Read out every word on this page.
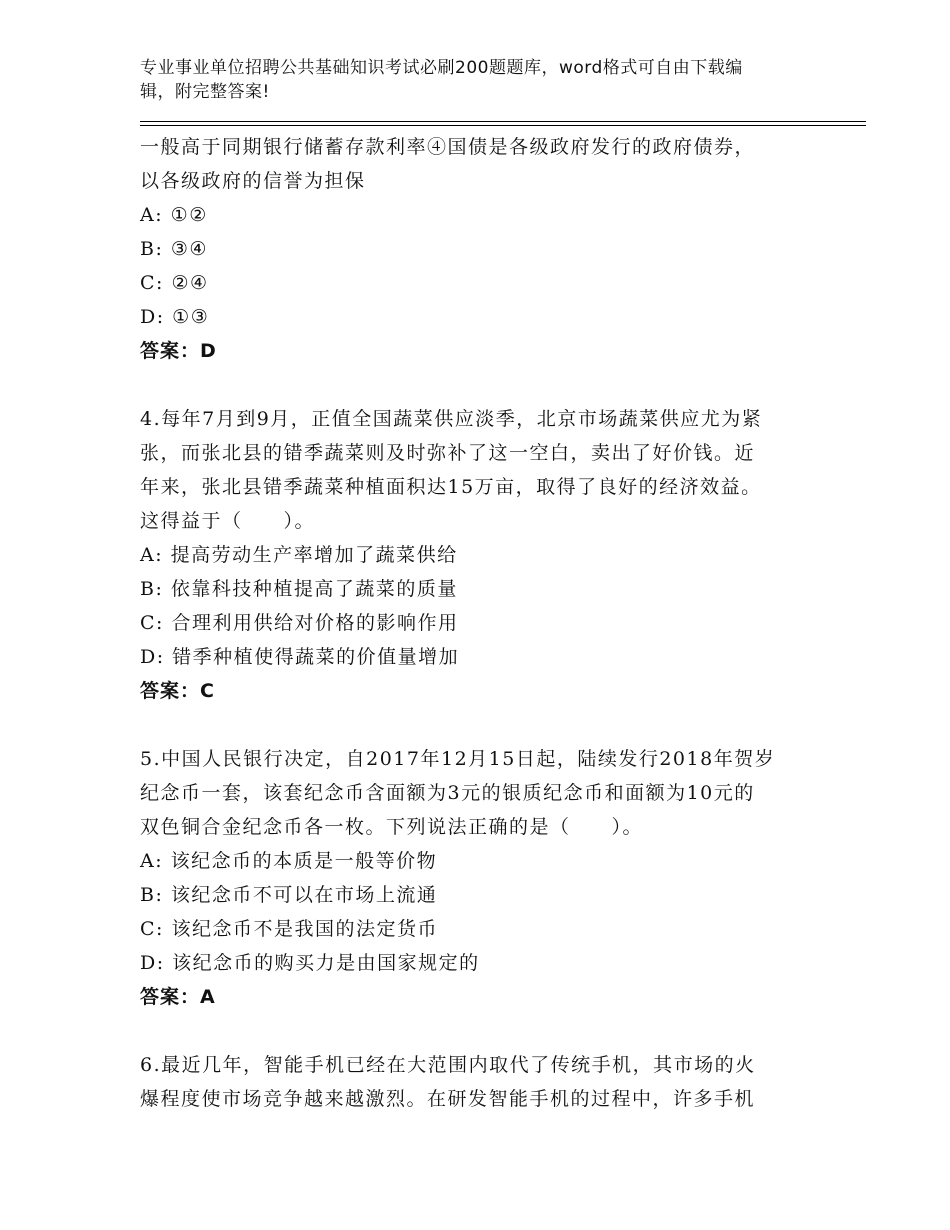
专业事业单位招聘公共基础知识考试必刷200题题库，word格式可自由下载编
辑，附完整答案!
一般高于同期银行储蓄存款利率④国债是各级政府发行的政府债券，
以各级政府的信誉为担保
A: ①②
B: ③④
C: ②④
D: ①③
答案：D
4.每年7月到9月，正值全国蔬菜供应淡季，北京市场蔬菜供应尤为紧
张，而张北县的错季蔬菜则及时弥补了这一空白，卖出了好价钱。近
年来，张北县错季蔬菜种植面积达15万亩，取得了良好的经济效益。
这得益于（　　）。
A: 提高劳动生产率增加了蔬菜供给
B: 依靠科技种植提高了蔬菜的质量
C: 合理利用供给对价格的影响作用
D: 错季种植使得蔬菜的价值量增加
答案：C
5.中国人民银行决定，自2017年12月15日起，陆续发行2018年贺岁
纪念币一套，该套纪念币含面额为3元的银质纪念币和面额为10元的
双色铜合金纪念币各一枚。下列说法正确的是（　　）。
A: 该纪念币的本质是一般等价物
B: 该纪念币不可以在市场上流通
C: 该纪念币不是我国的法定货币
D: 该纪念币的购买力是由国家规定的
答案：A
6.最近几年，智能手机已经在大范围内取代了传统手机，其市场的火
爆程度使市场竞争越来越激烈。在研发智能手机的过程中，许多手机
